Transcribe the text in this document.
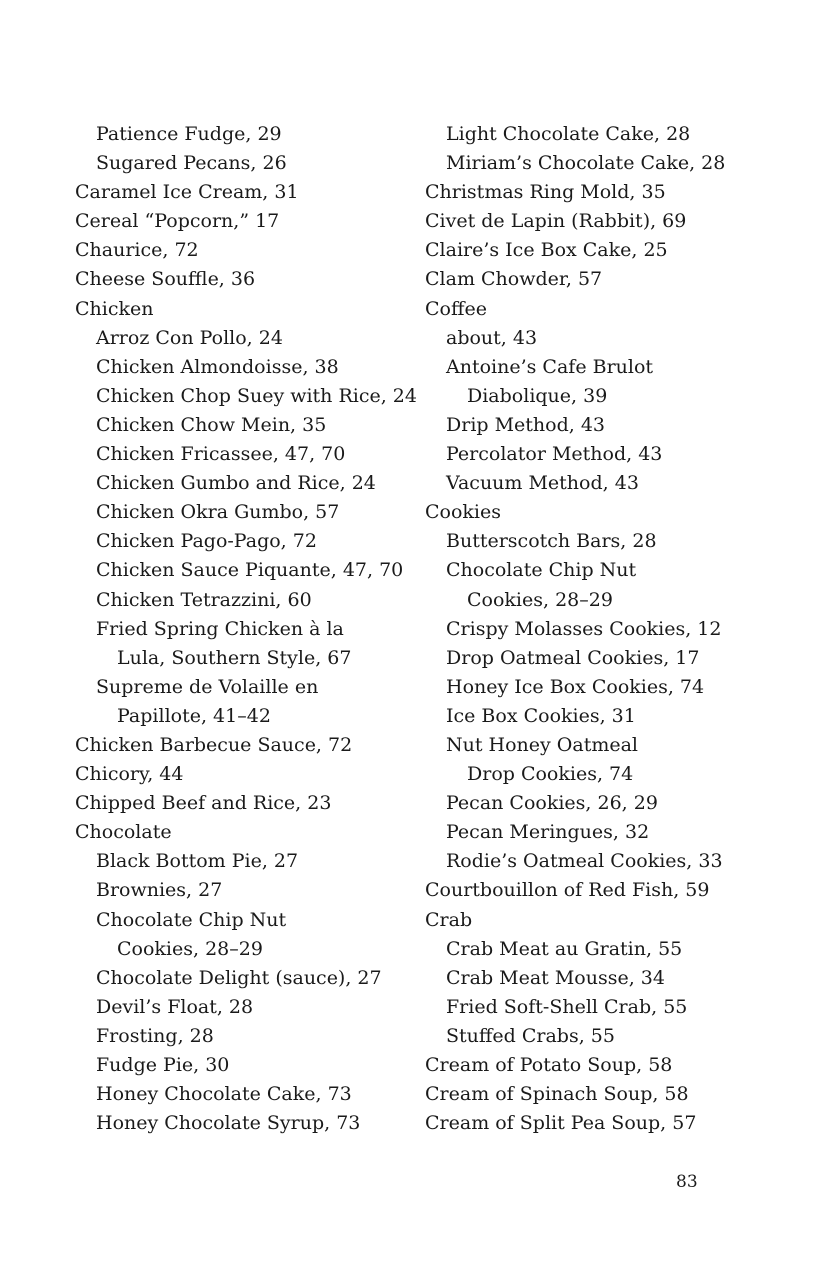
Patience Fudge, 29
Sugared Pecans, 26
Caramel Ice Cream, 31
Cereal “Popcorn,” 17
Chaurice, 72
Cheese Souffle, 36
Chicken
Arroz Con Pollo, 24
Chicken Almondoisse, 38
Chicken Chop Suey with Rice, 24
Chicken Chow Mein, 35
Chicken Fricassee, 47, 70
Chicken Gumbo and Rice, 24
Chicken Okra Gumbo, 57
Chicken Pago-Pago, 72
Chicken Sauce Piquante, 47, 70
Chicken Tetrazzini, 60
Fried Spring Chicken à la
Lula, Southern Style, 67
Supreme de Volaille en
Papillote, 41–42
Chicken Barbecue Sauce, 72
Chicory, 44
Chipped Beef and Rice, 23
Chocolate
Black Bottom Pie, 27
Brownies, 27
Chocolate Chip Nut
Cookies, 28–29
Chocolate Delight (sauce), 27
Devil’s Float, 28
Frosting, 28
Fudge Pie, 30
Honey Chocolate Cake, 73
Honey Chocolate Syrup, 73
Light Chocolate Cake, 28
Miriam’s Chocolate Cake, 28
Christmas Ring Mold, 35
Civet de Lapin (Rabbit), 69
Claire’s Ice Box Cake, 25
Clam Chowder, 57
Coffee
about, 43
Antoine’s Cafe Brulot
Diabolique, 39
Drip Method, 43
Percolator Method, 43
Vacuum Method, 43
Cookies
Butterscotch Bars, 28
Chocolate Chip Nut
Cookies, 28–29
Crispy Molasses Cookies, 12
Drop Oatmeal Cookies, 17
Honey Ice Box Cookies, 74
Ice Box Cookies, 31
Nut Honey Oatmeal
Drop Cookies, 74
Pecan Cookies, 26, 29
Pecan Meringues, 32
Rodie’s Oatmeal Cookies, 33
Courtbouillon of Red Fish, 59
Crab
Crab Meat au Gratin, 55
Crab Meat Mousse, 34
Fried Soft-Shell Crab, 55
Stuffed Crabs, 55
Cream of Potato Soup, 58
Cream of Spinach Soup, 58
Cream of Split Pea Soup, 57
83
